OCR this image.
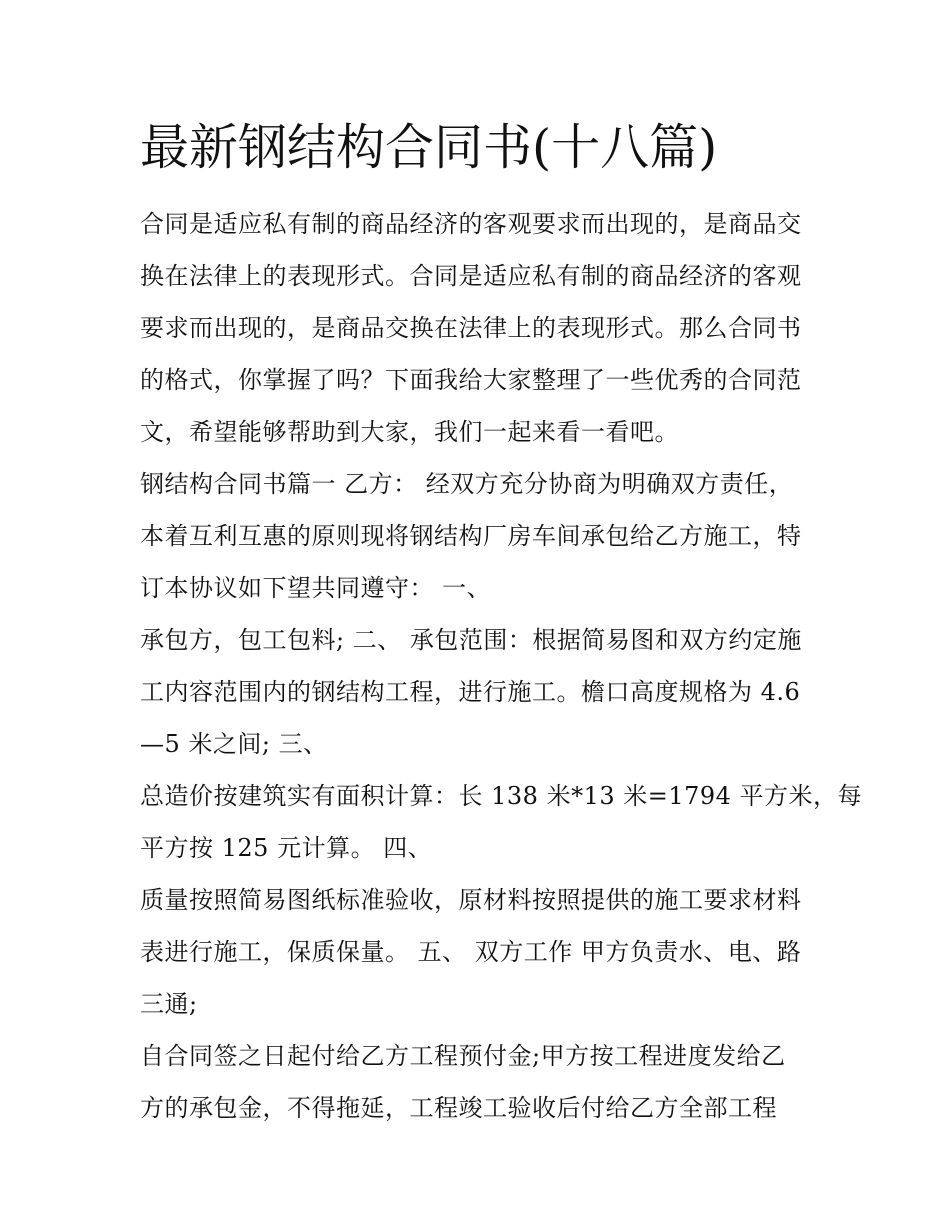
最新钢结构合同书(十八篇)
合同是适应私有制的商品经济的客观要求而出现的，是商品交
换在法律上的表现形式。合同是适应私有制的商品经济的客观
要求而出现的，是商品交换在法律上的表现形式。那么合同书
的格式，你掌握了吗？下面我给大家整理了一些优秀的合同范
文，希望能够帮助到大家，我们一起来看一看吧。
钢结构合同书篇一 乙方： 经双方充分协商为明确双方责任，
本着互利互惠的原则现将钢结构厂房车间承包给乙方施工，特
订本协议如下望共同遵守： 一、
承包方，包工包料; 二、 承包范围：根据简易图和双方约定施
工内容范围内的钢结构工程，进行施工。檐口高度规格为 4.6
—5 米之间; 三、
总造价按建筑实有面积计算：长 138 米*13 米=1794 平方米，每
平方按 125 元计算。 四、
质量按照简易图纸标准验收，原材料按照提供的施工要求材料
表进行施工，保质保量。 五、 双方工作 甲方负责水、电、路
三通;
自合同签之日起付给乙方工程预付金;甲方按工程进度发给乙
方的承包金，不得拖延，工程竣工验收后付给乙方全部工程
